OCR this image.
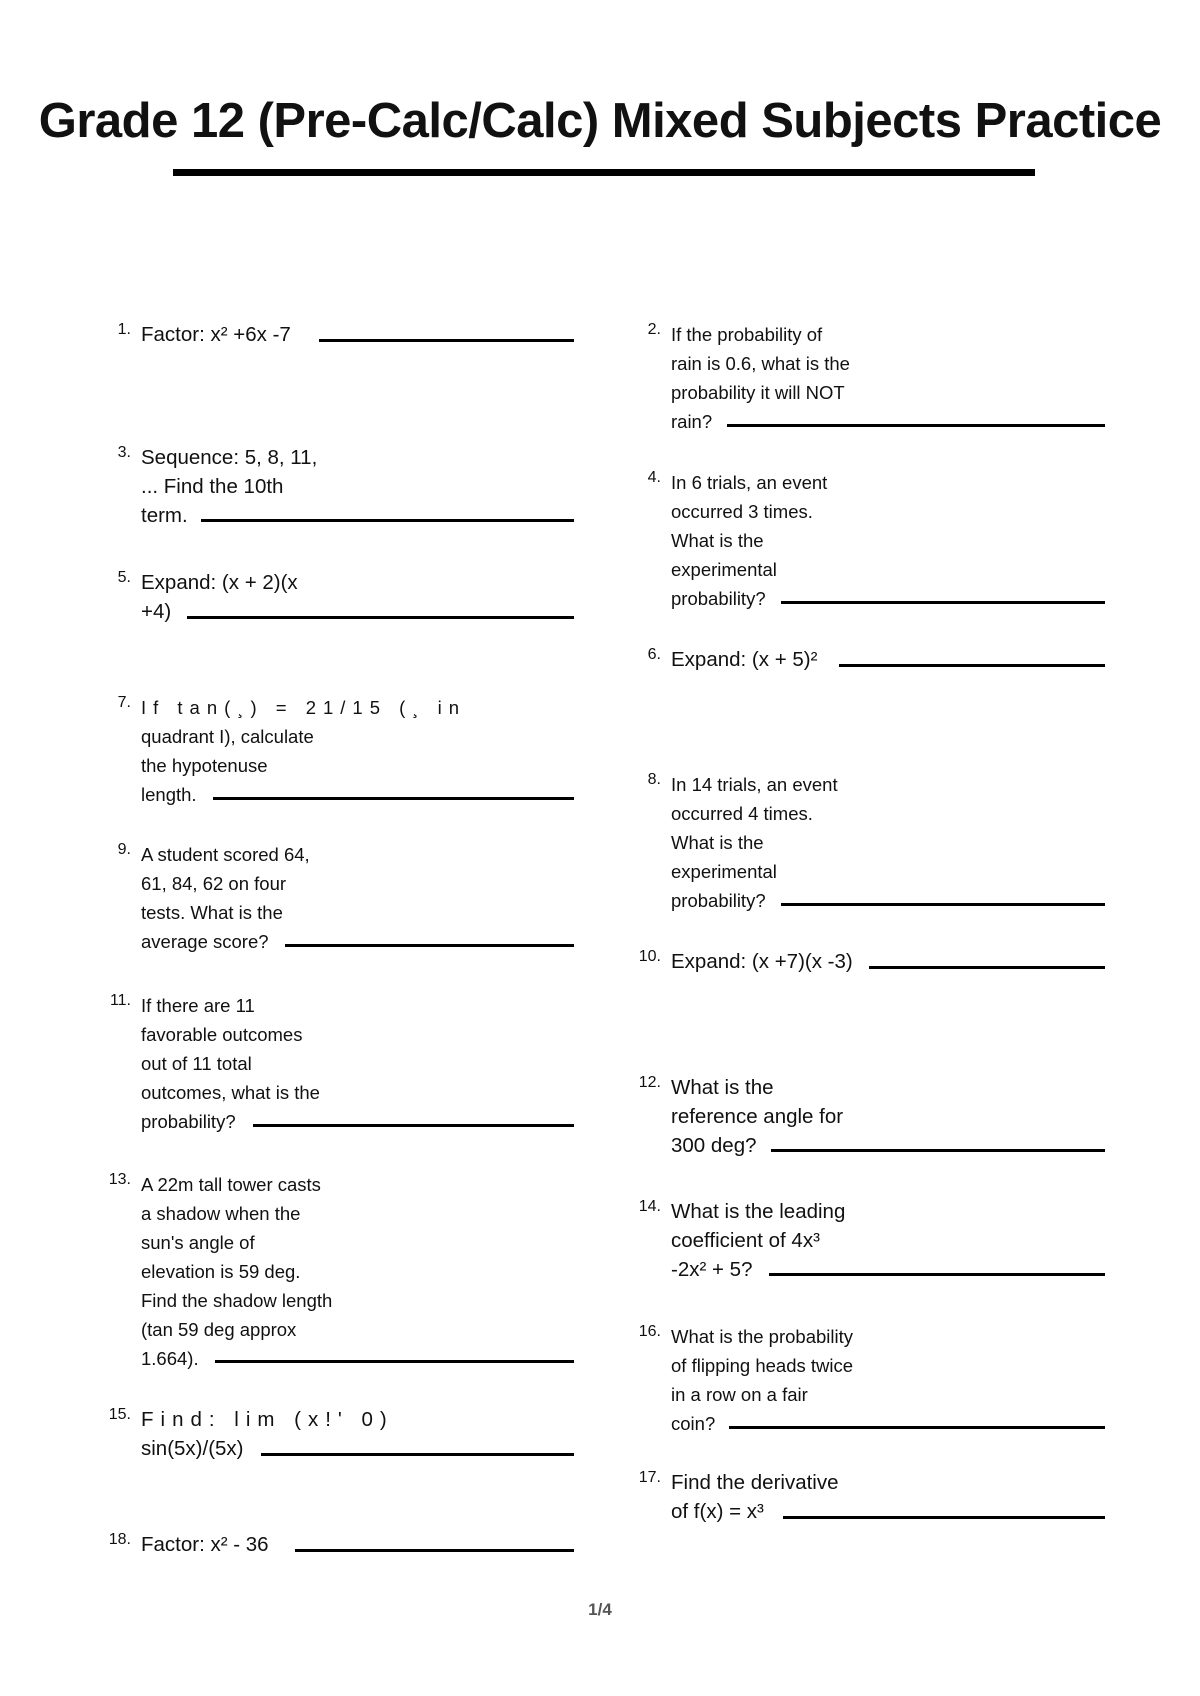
Grade 12 (Pre-Calc/Calc) Mixed Subjects Practice
1. Factor: x² +6x -7
3. Sequence: 5, 8, 11,
... Find the 10th
term.
5. Expand: (x + 2)(x
+4)
7. If tan(¸) = 21/15 (¸ in
quadrant I), calculate
the hypotenuse
length.
9. A student scored 64,
61, 84, 62 on four
tests. What is the
average score?
11. If there are 11
favorable outcomes
out of 11 total
outcomes, what is the
probability?
13. A 22m tall tower casts
a shadow when the
sun's angle of
elevation is 59 deg.
Find the shadow length
(tan 59 deg approx
1.664).
15. Find: lim (x!' 0)
sin(5x)/(5x)
18. Factor: x² - 36
2. If the probability of
rain is 0.6, what is the
probability it will NOT
rain?
4. In 6 trials, an event
occurred 3 times.
What is the
experimental
probability?
6. Expand: (x + 5)²
8. In 14 trials, an event
occurred 4 times.
What is the
experimental
probability?
10. Expand: (x +7)(x -3)
12. What is the
reference angle for
300 deg?
14. What is the leading
coefficient of 4x³
-2x² + 5?
16. What is the probability
of flipping heads twice
in a row on a fair
coin?
17. Find the derivative
of f(x) = x³
1/4
